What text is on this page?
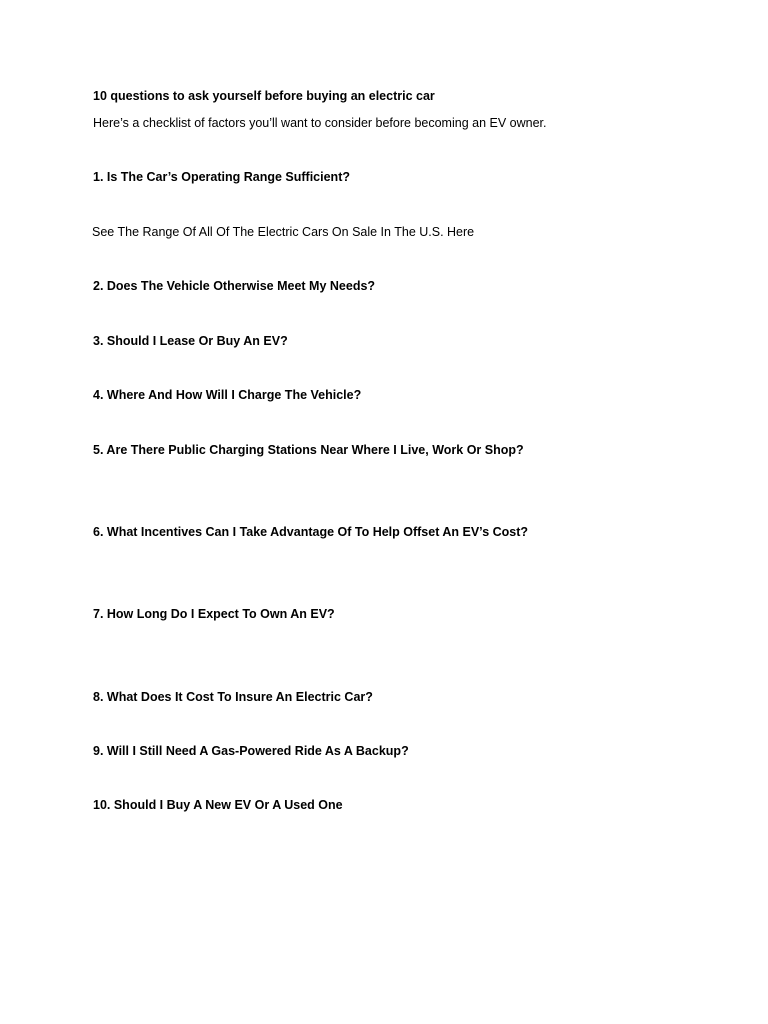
10 questions to ask yourself before buying an electric car
Here’s a checklist of factors you’ll want to consider before becoming an EV owner.
1. Is The Car’s Operating Range Sufficient?
See The Range Of All Of The Electric Cars On Sale In The U.S. Here
2. Does The Vehicle Otherwise Meet My Needs?
3. Should I Lease Or Buy An EV?
4. Where And How Will I Charge The Vehicle?
5. Are There Public Charging Stations Near Where I Live, Work Or Shop?
6. What Incentives Can I Take Advantage Of To Help Offset An EV’s Cost?
7. How Long Do I Expect To Own An EV?
8. What Does It Cost To Insure An Electric Car?
9. Will I Still Need A Gas-Powered Ride As A Backup?
10. Should I Buy A New EV Or A Used One
